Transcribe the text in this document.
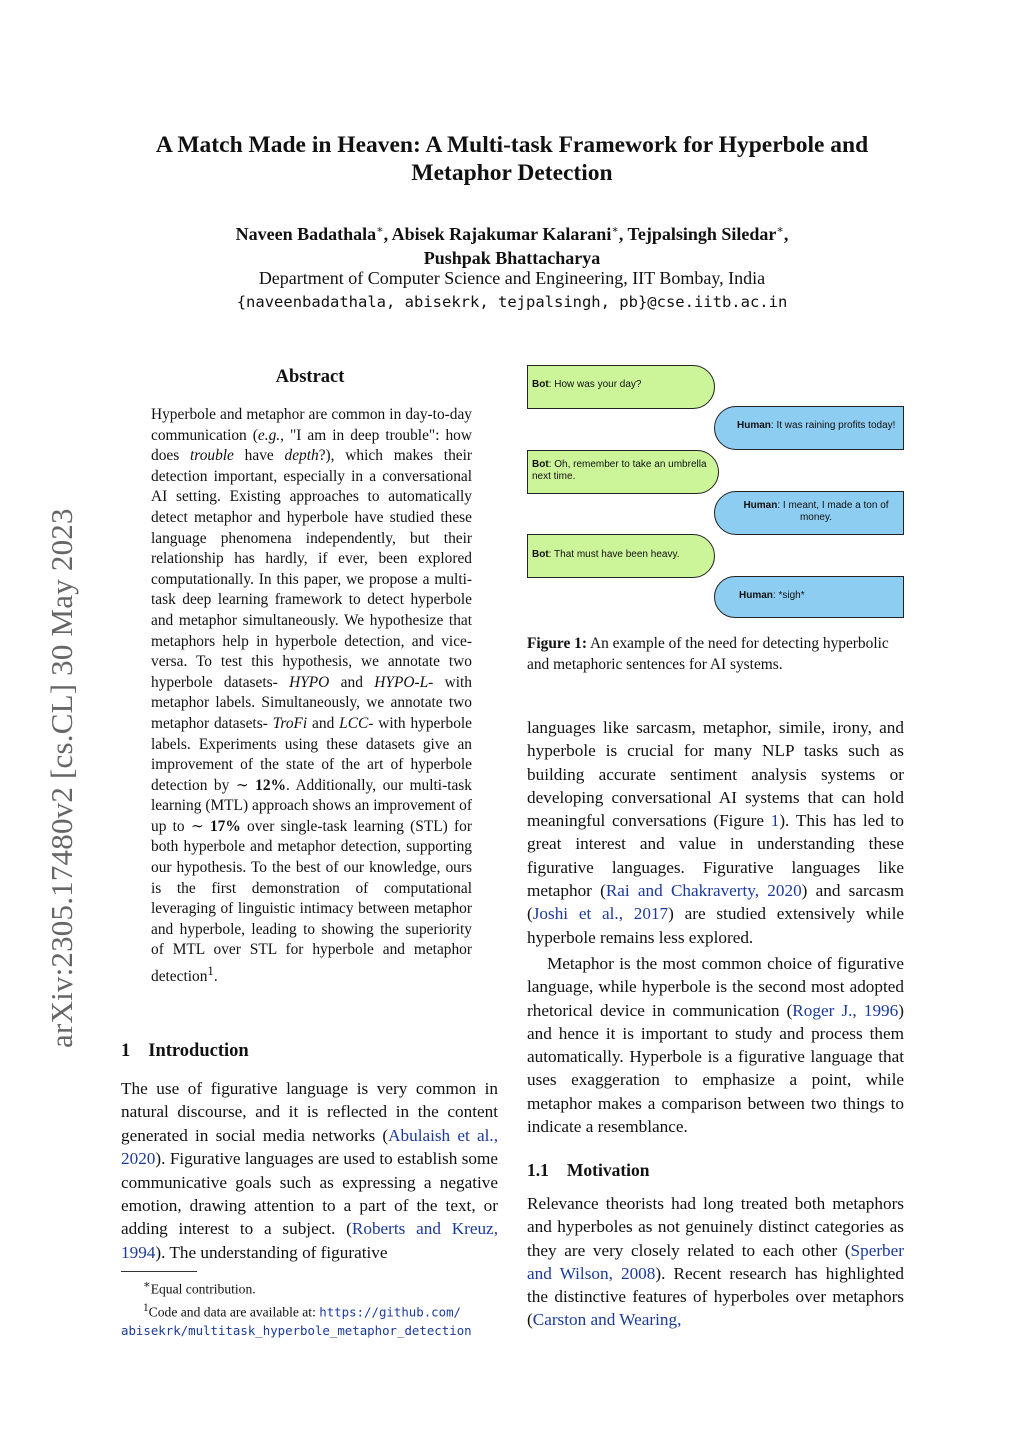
A Match Made in Heaven: A Multi-task Framework for Hyperbole and
Metaphor Detection
Naveen Badathala∗, Abisek Rajakumar Kalarani∗, Tejpalsingh Siledar∗,
Pushpak Bhattacharya
Department of Computer Science and Engineering, IIT Bombay, India
{naveenbadathala, abisekrk, tejpalsingh, pb}@cse.iitb.ac.in
arXiv:2305.17480v2 [cs.CL] 30 May 2023
Abstract
Hyperbole and metaphor are common in day-to-day communication (e.g., "I am in deep trouble": how does trouble have depth?), which makes their detection important, especially in a conversational AI setting. Existing approaches to automatically detect metaphor and hyperbole have studied these language phenomena independently, but their relationship has hardly, if ever, been explored computationally. In this paper, we propose a multi-task deep learning framework to detect hyperbole and metaphor simultaneously. We hypothesize that metaphors help in hyperbole detection, and vice-versa. To test this hypothesis, we annotate two hyperbole datasets- HYPO and HYPO-L- with metaphor labels. Simultaneously, we annotate two metaphor datasets- TroFi and LCC- with hyperbole labels. Experiments using these datasets give an improvement of the state of the art of hyperbole detection by ∼ 12%. Additionally, our multi-task learning (MTL) approach shows an improvement of up to ∼ 17% over single-task learning (STL) for both hyperbole and metaphor detection, supporting our hypothesis. To the best of our knowledge, ours is the first demonstration of computational leveraging of linguistic intimacy between metaphor and hyperbole, leading to showing the superiority of MTL over STL for hyperbole and metaphor detection$^1$.
1 Introduction
The use of figurative language is very common in natural discourse, and it is reflected in the content generated in social media networks (Abulaish et al., 2020). Figurative languages are used to establish some communicative goals such as expressing a negative emotion, drawing attention to a part of the text, or adding interest to a subject. (Roberts and Kreuz, 1994). The understanding of figurative
∗Equal contribution.
$^1$Code and data are available at: https://github.com/
abisekrk/multitask_hyperbole_metaphor_detection
Bot: How was your day?
Human: It was raining profits today!
Bot: Oh, remember to take an umbrella next time.
Human: I meant, I made a ton of money.
Bot: That must have been heavy.
Human: *sigh*
Figure 1: An example of the need for detecting hyperbolic and metaphoric sentences for AI systems.

languages like sarcasm, metaphor, simile, irony, and hyperbole is crucial for many NLP tasks such as building accurate sentiment analysis systems or developing conversational AI systems that can hold meaningful conversations (Figure 1). This has led to great interest and value in understanding these figurative languages. Figurative languages like metaphor (Rai and Chakraverty, 2020) and sarcasm (Joshi et al., 2017) are studied extensively while hyperbole remains less explored.

Metaphor is the most common choice of figurative language, while hyperbole is the second most adopted rhetorical device in communication (Roger J., 1996) and hence it is important to study and process them automatically. Hyperbole is a figurative language that uses exaggeration to emphasize a point, while metaphor makes a comparison between two things to indicate a resemblance.

1.1 Motivation
Relevance theorists had long treated both metaphors and hyperboles as not genuinely distinct categories as they are very closely related to each other (Sperber and Wilson, 2008). Recent research has highlighted the distinctive features of hyperboles over metaphors (Carston and Wearing,
